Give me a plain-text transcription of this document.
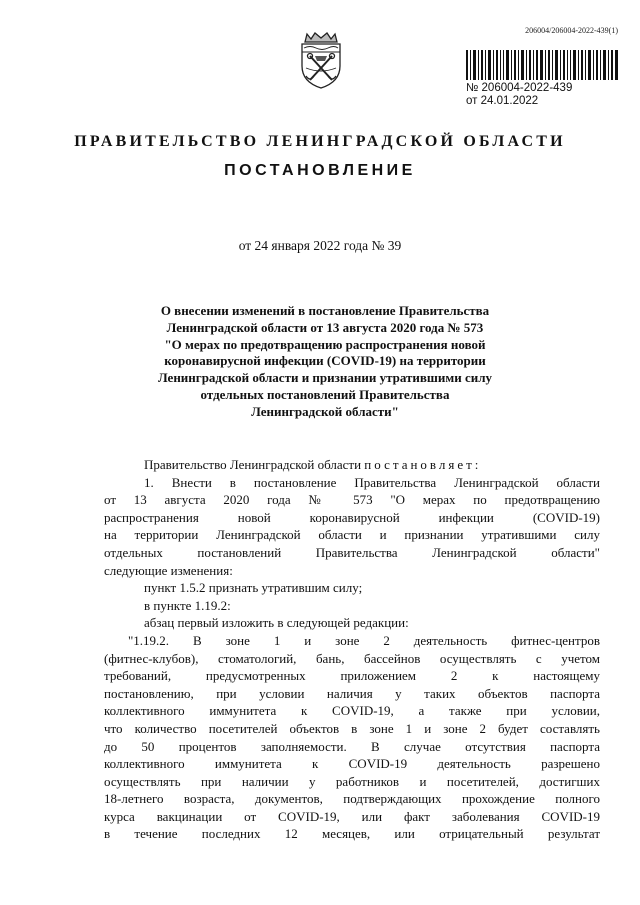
206004/206004-2022-439(1)
№ 206004-2022-439
от 24.01.2022
ПРАВИТЕЛЬСТВО ЛЕНИНГРАДСКОЙ ОБЛАСТИ
ПОСТАНОВЛЕНИЕ
от 24 января 2022 года № 39
О внесении изменений в постановление Правительства
Ленинградской области от 13 августа 2020 года № 573
"О мерах по предотвращению распространения новой
коронавирусной инфекции (COVID-19) на территории
Ленинградской области и признании утратившими силу
отдельных постановлений Правительства
Ленинградской области"
Правительство Ленинградской области постановляет:
1. Внести в постановление Правительства Ленинградской области
от 13 августа 2020 года № 573 "О мерах по предотвращению
распространения новой коронавирусной инфекции (COVID-19)
на территории Ленинградской области и признании утратившими силу
отдельных постановлений Правительства Ленинградской области"
следующие изменения:
пункт 1.5.2 признать утратившим силу;
в пункте 1.19.2:
абзац первый изложить в следующей редакции:
"1.19.2. В зоне 1 и зоне 2 деятельность фитнес-центров
(фитнес-клубов), стоматологий, бань, бассейнов осуществлять с учетом
требований, предусмотренных приложением 2 к настоящему
постановлению, при условии наличия у таких объектов паспорта
коллективного иммунитета к COVID-19, а также при условии,
что количество посетителей объектов в зоне 1 и зоне 2 будет составлять
до 50 процентов заполняемости. В случае отсутствия паспорта
коллективного иммунитета к COVID-19 деятельность разрешено
осуществлять при наличии у работников и посетителей, достигших
18-летнего возраста, документов, подтверждающих прохождение полного
курса вакцинации от COVID-19, или факт заболевания COVID-19
в течение последних 12 месяцев, или отрицательный результат
